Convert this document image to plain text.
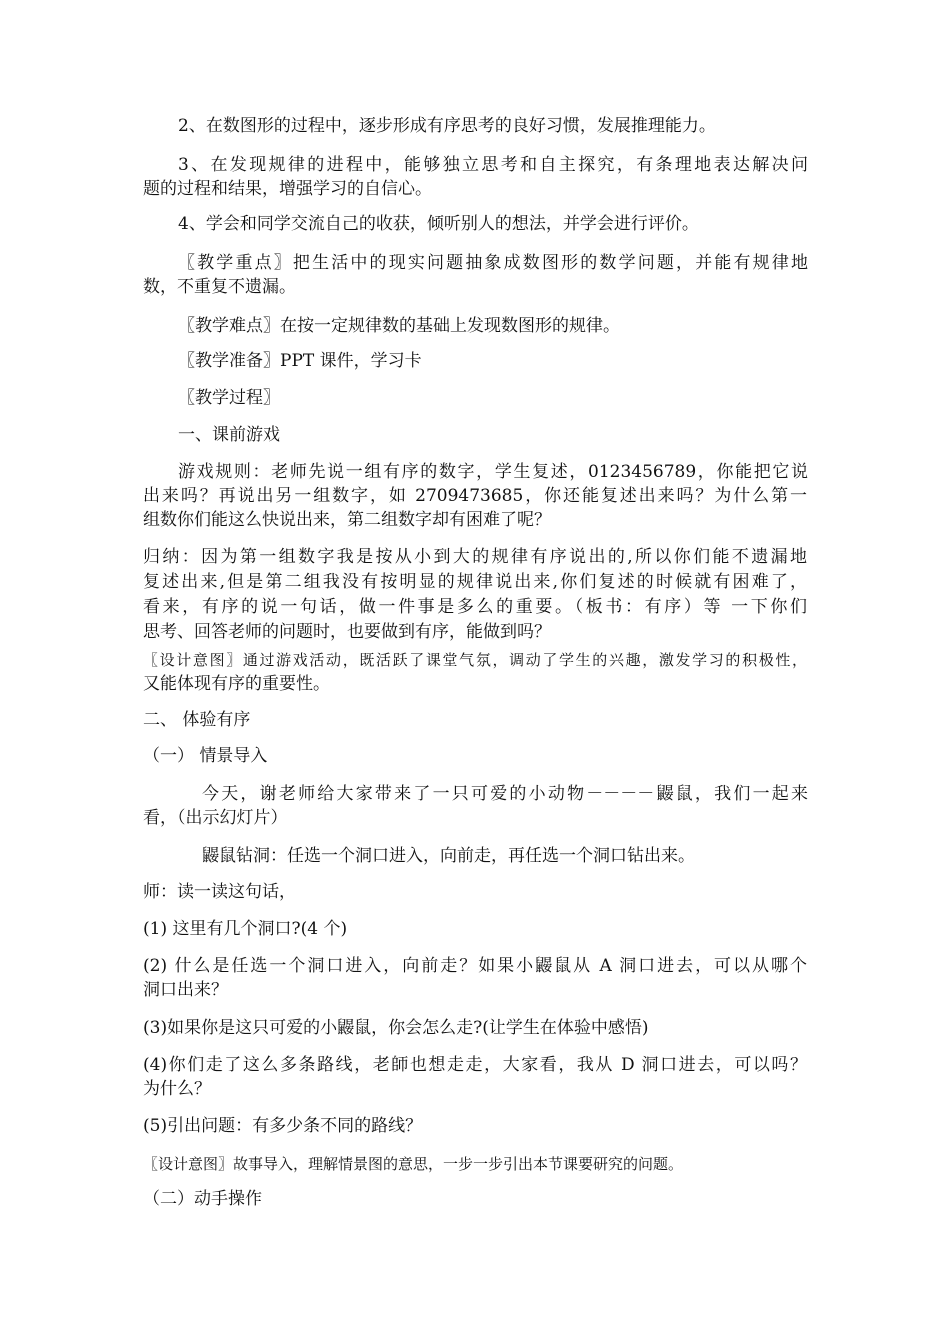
2、在数图形的过程中，逐步形成有序思考的良好习惯，发展推理能力。
3、在发现规律的进程中，能够独立思考和自主探究，有条理地表达解决问
题的过程和结果，增强学习的自信心。
4、学会和同学交流自己的收获，倾听别人的想法，并学会进行评价。
〖教学重点〗把生活中的现实问题抽象成数图形的数学问题，并能有规律地
数，不重复不遗漏。
〖教学难点〗在按一定规律数的基础上发现数图形的规律。
〖教学准备〗PPT 课件，学习卡
〖教学过程〗
一、课前游戏
游戏规则：老师先说一组有序的数字，学生复述，0123456789，你能把它说
出来吗？再说出另一组数字，如 2709473685，你还能复述出来吗？为什么第一
组数你们能这么快说出来，第二组数字却有困难了呢？
归纳：因为第一组数字我是按从小到大的规律有序说出的,所以你们能不遗漏地
复述出来,但是第二组我没有按明显的规律说出来,你们复述的时候就有困难了，
看来，有序的说一句话，做一件事是多么的重要。（板书：有序）等 一下你们
思考、回答老师的问题时，也要做到有序，能做到吗？
〖设计意图〗通过游戏活动，既活跃了课堂气氛，调动了学生的兴趣，激发学习的积极性，
又能体现有序的重要性。
二、 体验有序
（一） 情景导入
今天，谢老师给大家带来了一只可爱的小动物－－－－鼹鼠，我们一起来
看，（出示幻灯片）
鼹鼠钻洞：任选一个洞口进入，向前走，再任选一个洞口钻出来。
师：读一读这句话，
(1) 这里有几个洞口?(4 个)
(2) 什么是任选一个洞口进入，向前走？如果小鼹鼠从 A 洞口进去，可以从哪个
洞口出来？
(3)如果你是这只可爱的小鼹鼠，你会怎么走?(让学生在体验中感悟)
(4)你们走了这么多条路线，老師也想走走，大家看，我从 D 洞口进去，可以吗？
为什么？
(5)引出问题：有多少条不同的路线？
〖设计意图〗故事导入，理解情景图的意思，一步一步引出本节课要研究的问题。
（二）动手操作
